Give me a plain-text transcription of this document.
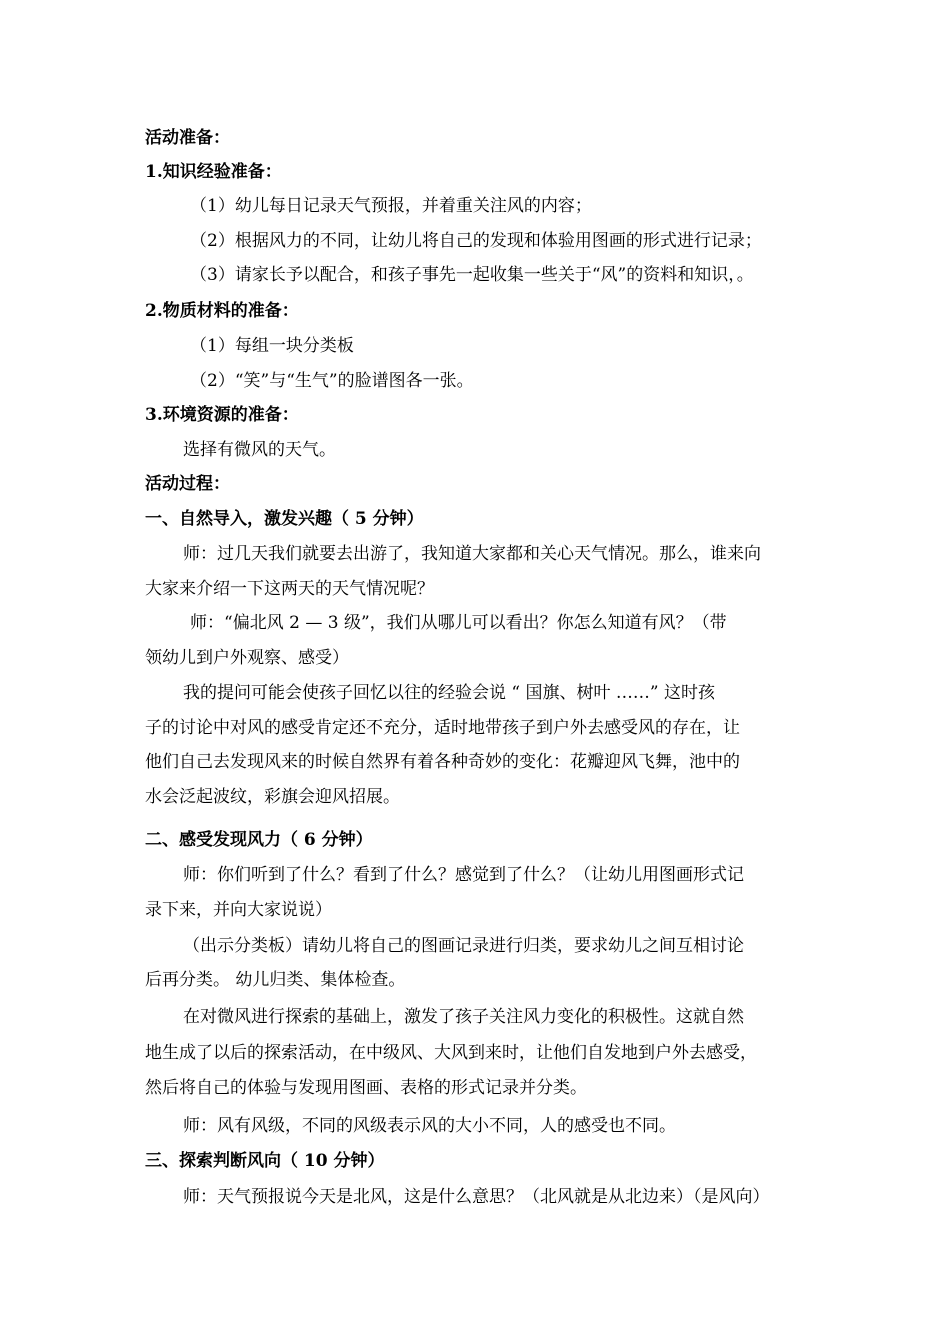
活动准备：
1.知识经验准备：
（1）幼儿每日记录天气预报，并着重关注风的内容；
（2）根据风力的不同，让幼儿将自己的发现和体验用图画的形式进行记录；
（3）请家长予以配合，和孩子事先一起收集一些关于“风”的资料和知识，。
2.物质材料的准备：
（1）每组一块分类板
（2）“笑”与“生气”的脸谱图各一张。
3.环境资源的准备：
选择有微风的天气。
活动过程：
一、自然导入，激发兴趣（ 5 分钟）
师：过几天我们就要去出游了，我知道大家都和关心天气情况。那么，谁来向
大家来介绍一下这两天的天气情况呢？
师：“偏北风 2 — 3 级”，我们从哪儿可以看出？你怎么知道有风？（带
领幼儿到户外观察、感受）
我的提问可能会使孩子回忆以往的经验会说 “ 国旗、树叶 ……” 这时孩
子的讨论中对风的感受肯定还不充分，适时地带孩子到户外去感受风的存在，让
他们自己去发现风来的时候自然界有着各种奇妙的变化：花瓣迎风飞舞，池中的
水会泛起波纹，彩旗会迎风招展。
二、感受发现风力（ 6 分钟）
师：你们听到了什么？看到了什么？感觉到了什么？（让幼儿用图画形式记
录下来，并向大家说说）
（出示分类板）请幼儿将自己的图画记录进行归类，要求幼儿之间互相讨论
后再分类。 幼儿归类、集体检查。
在对微风进行探索的基础上，激发了孩子关注风力变化的积极性。这就自然
地生成了以后的探索活动，在中级风、大风到来时，让他们自发地到户外去感受，
然后将自己的体验与发现用图画、表格的形式记录并分类。
师：风有风级，不同的风级表示风的大小不同，人的感受也不同。
三、探索判断风向（ 10 分钟）
师：天气预报说今天是北风，这是什么意思？（北风就是从北边来）（是风向）
